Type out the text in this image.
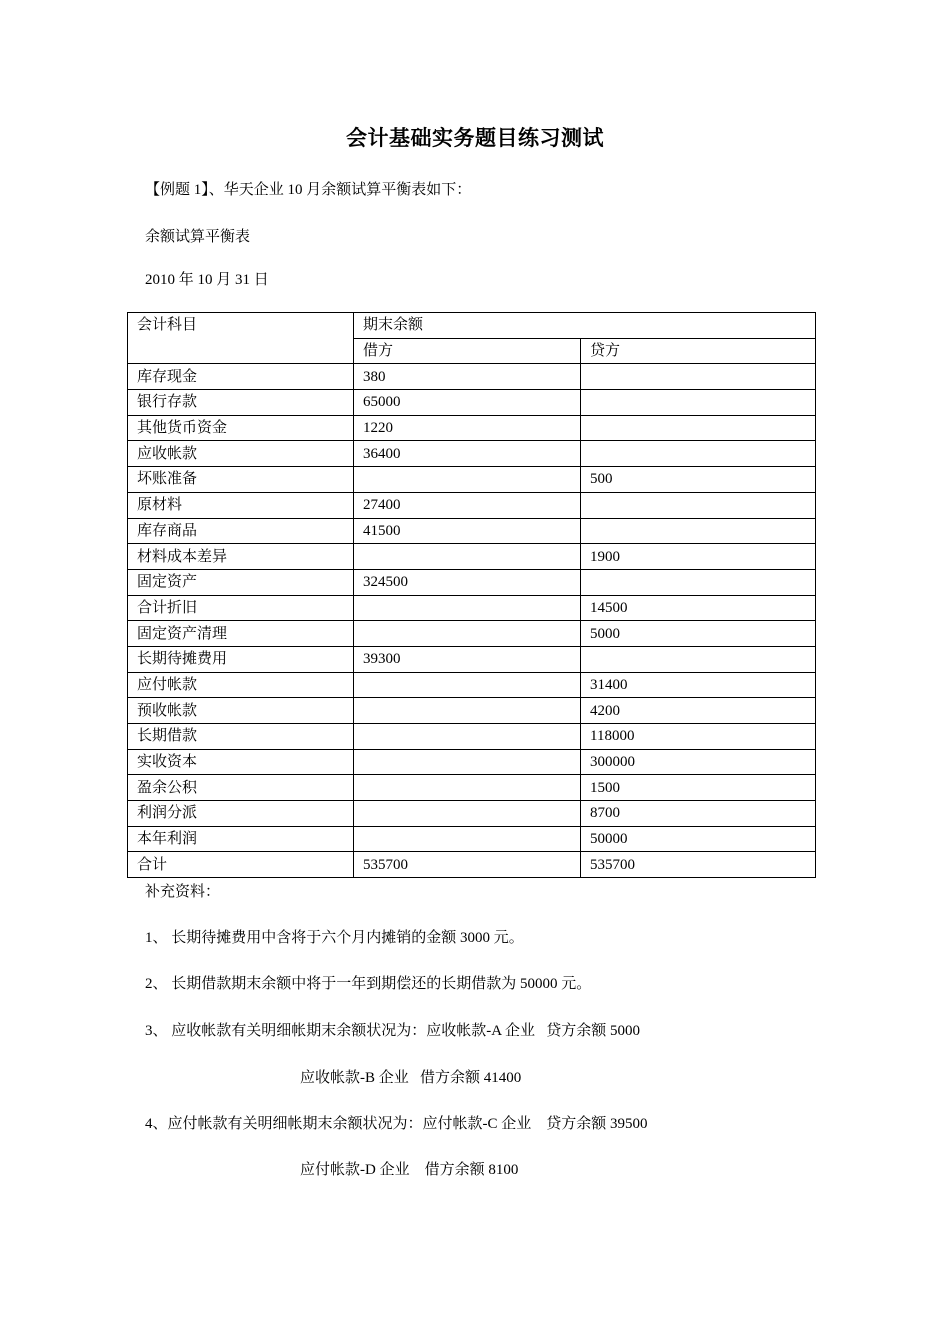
会计基础实务题目练习测试
【例题 1】、华天企业 10 月余额试算平衡表如下：
余额试算平衡表
2010 年 10 月 31 日
会计科目	期末余额	
	借方	贷方
库存现金	380	
银行存款	65000	
其他货币资金	1220	
应收帐款	36400	
坏账准备		500
原材料	27400	
库存商品	41500	
材料成本差异		1900
固定资产	324500	
合计折旧		14500
固定资产清理		5000
长期待摊费用	39300	
应付帐款		31400
预收帐款		4200
长期借款		118000
实收资本		300000
盈余公积		1500
利润分派		8700
本年利润		50000
合计	535700	535700
补充资料：
1、 长期待摊费用中含将于六个月内摊销的金额 3000 元。
2、 长期借款期末余额中将于一年到期偿还的长期借款为 50000 元。
3、 应收帐款有关明细帐期末余额状况为：应收帐款-A 企业   贷方余额 5000
应收帐款-B 企业   借方余额 41400
4、应付帐款有关明细帐期末余额状况为：应付帐款-C 企业    贷方余额 39500
应付帐款-D 企业    借方余额 8100
